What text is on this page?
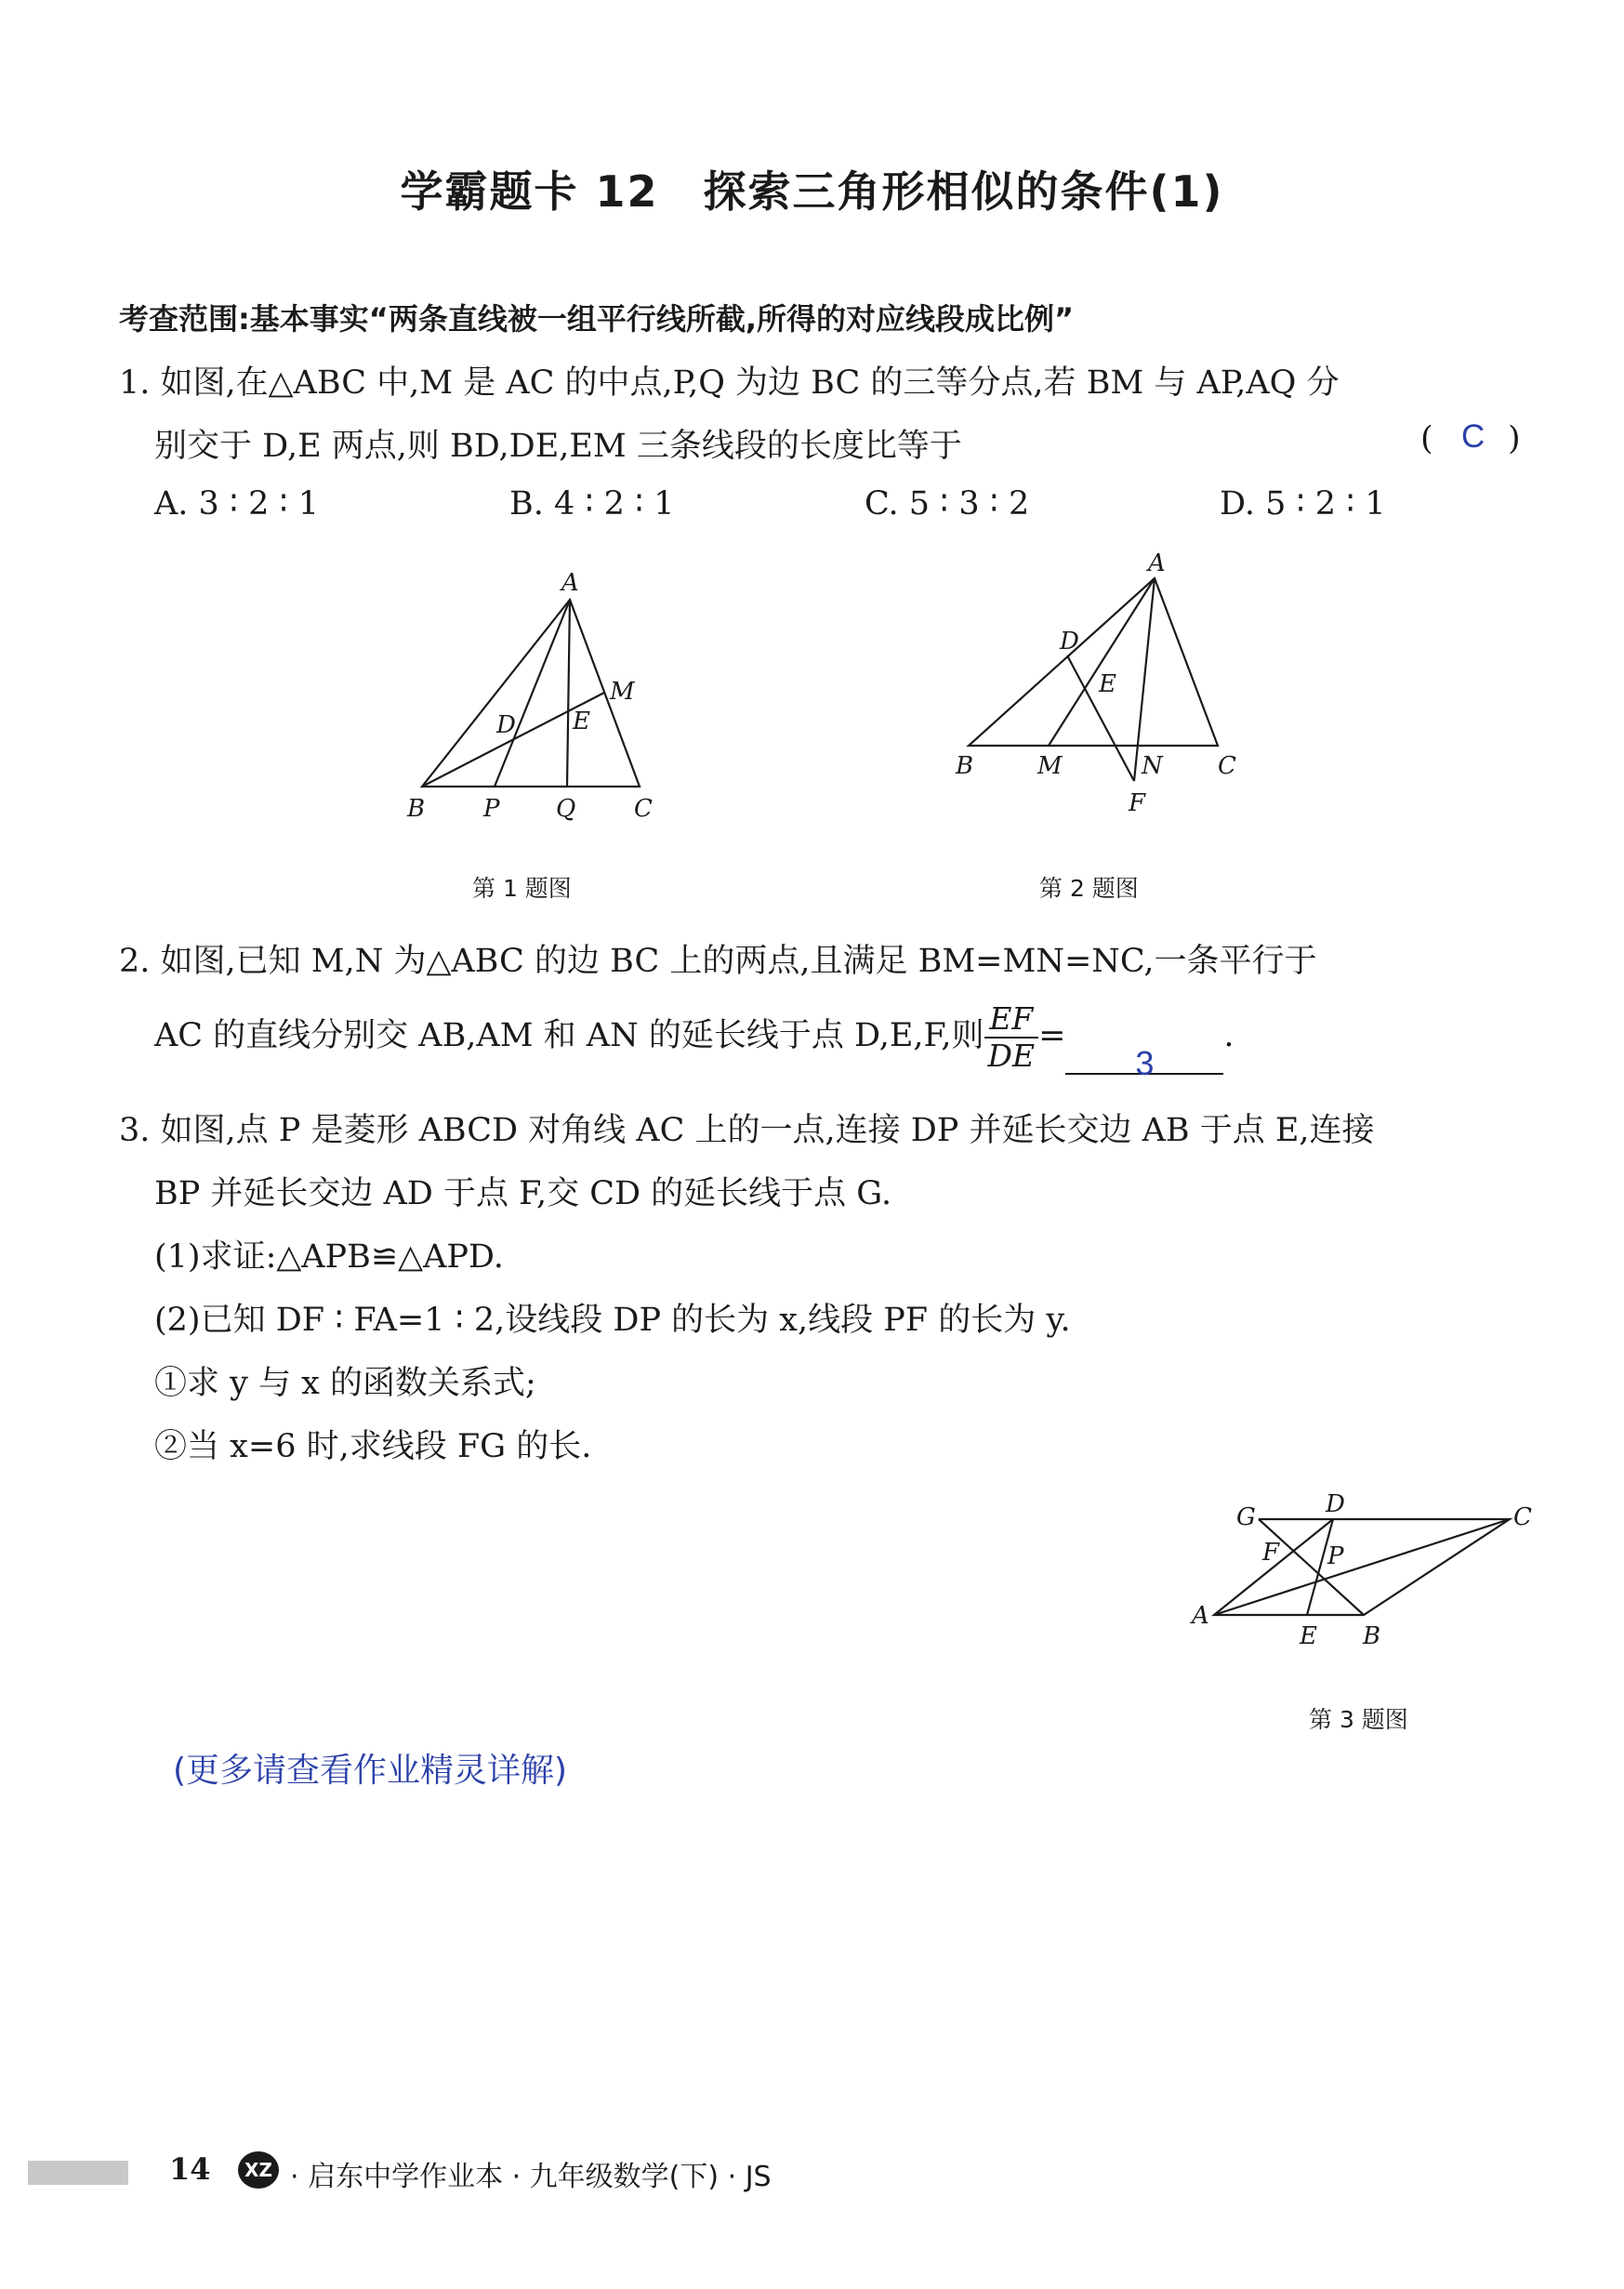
学霸题卡 12　探索三角形相似的条件(1)
考查范围:基本事实“两条直线被一组平行线所截,所得的对应线段成比例”
1. 如图,在△ABC 中,M 是 AC 的中点,P,Q 为边 BC 的三等分点,若 BM 与 AP,AQ 分
别交于 D,E 两点,则 BD,DE,EM 三条线段的长度比等于	( C )
A. 3 ∶ 2 ∶ 1	B. 4 ∶ 2 ∶ 1	C. 5 ∶ 3 ∶ 2	D. 5 ∶ 2 ∶ 1
A
B	C
M
D E
P Q
第 1 题图
A
B	C
D
E
M	N
F
第 2 题图
2. 如图,已知 M,N 为△ABC 的边 BC 上的两点,且满足 BM=MN=NC,一条平行于
AC 的直线分别交 AB,AM 和 AN 的延长线于点 D,E,F,则 $\frac{EF}{DE}$ =
3
.
3. 如图,点 P 是菱形 ABCD 对角线 AC 上的一点,连接 DP 并延长交边 AB 于点 E,连接
BP 并延长交边 AD 于点 F,交 CD 的延长线于点 G.
(1)求证:△APB≌△APD.
(2)已知 DF ∶ FA=1 ∶ 2,设线段 DP 的长为 x,线段 PF 的长为 y.
①求 y 与 x 的函数关系式;
②当 x=6 时,求线段 FG 的长.
G	D	C
F P
A
E B
第 3 题图
(更多请查看作业精灵详解)
14	XZ · 启东中学作业本 · 九年级数学(下) · JS
